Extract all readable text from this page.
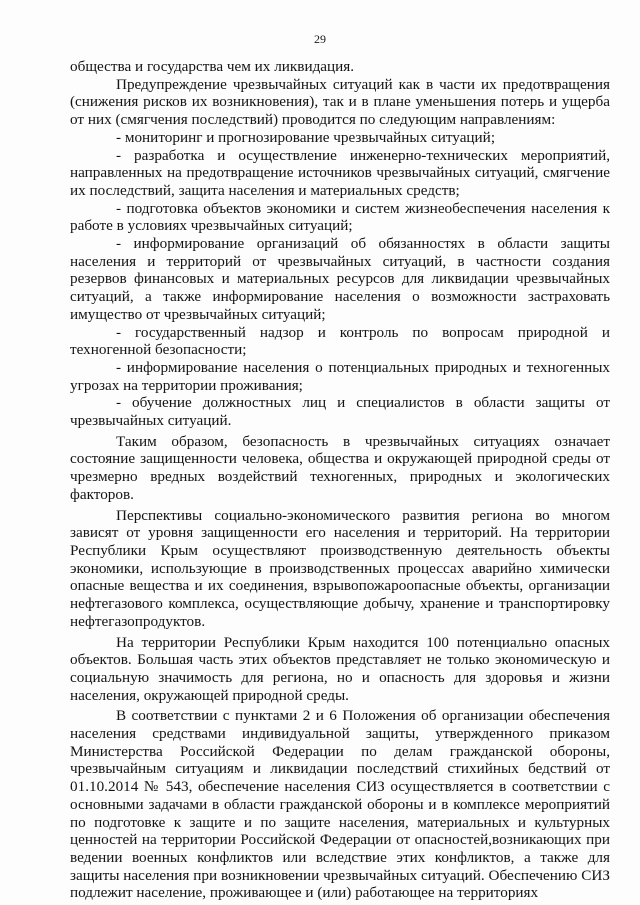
29

общества и государства чем их ликвидация.

Предупреждение чрезвычайных ситуаций как в части их предотвращения (снижения рисков их возникновения), так и в плане уменьшения потерь и ущерба от них (смягчения последствий) проводится по следующим направлениям:

- мониторинг и прогнозирование чрезвычайных ситуаций;

- разработка и осуществление инженерно-технических мероприятий, направленных на предотвращение источников чрезвычайных ситуаций, смягчение их последствий, защита населения и материальных средств;

- подготовка объектов экономики и систем жизнеобеспечения населения к работе в условиях чрезвычайных ситуаций;

- информирование организаций об обязанностях в области защиты населения и территорий от чрезвычайных ситуаций, в частности создания резервов финансовых и материальных ресурсов для ликвидации чрезвычайных ситуаций, а также информирование населения о возможности застраховать имущество от чрезвычайных ситуаций;

- государственный надзор и контроль по вопросам природной и техногенной безопасности;

- информирование населения о потенциальных природных и техногенных угрозах на территории проживания;

- обучение должностных лиц и специалистов в области защиты от чрезвычайных ситуаций.

Таким образом, безопасность в чрезвычайных ситуациях означает состояние защищенности человека, общества и окружающей природной среды от чрезмерно вредных воздействий техногенных, природных и экологических факторов.

Перспективы социально-экономического развития региона во многом зависят от уровня защищенности его населения и территорий. На территории Республики Крым осуществляют производственную деятельность объекты экономики, использующие в производственных процессах аварийно химически опасные вещества и их соединения, взрывопожароопасные объекты, организации нефтегазового комплекса, осуществляющие добычу, хранение и транспортировку нефтегазопродуктов.

На территории Республики Крым находится 100 потенциально опасных объектов. Большая часть этих объектов представляет не только экономическую и социальную значимость для региона, но и опасность для здоровья и жизни населения, окружающей природной среды.

В соответствии с пунктами 2 и 6 Положения об организации обеспечения населения средствами индивидуальной защиты, утвержденного приказом Министерства Российской Федерации по делам гражданской обороны, чрезвычайным ситуациям и ликвидации последствий стихийных бедствий от 01.10.2014 № 543, обеспечение населения СИЗ осуществляется в соответствии с основными задачами в области гражданской обороны и в комплексе мероприятий по подготовке к защите и по защите населения, материальных и культурных ценностей на территории Российской Федерации от опасностей,возникающих при ведении военных конфликтов или вследствие этих конфликтов, а также для защиты населения при возникновении чрезвычайных ситуаций. Обеспечению СИЗ подлежит население, проживающее и (или) работающее на территориях
